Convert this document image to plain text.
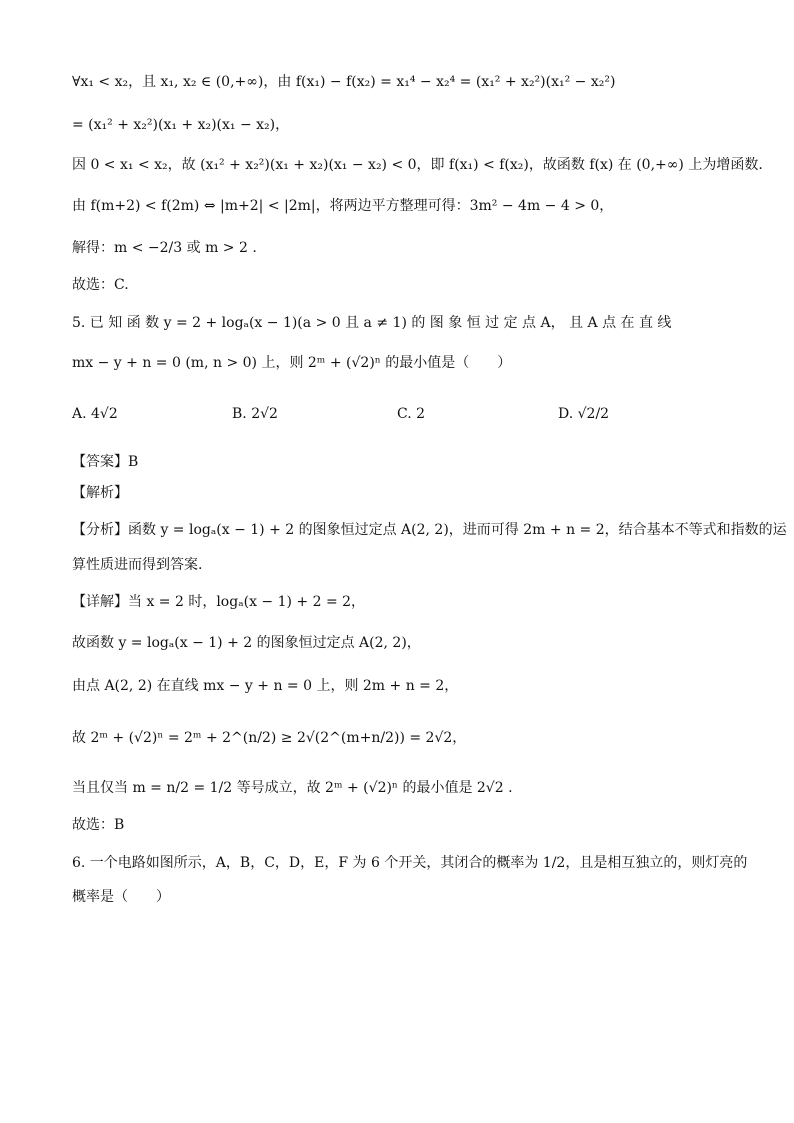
∀x₁ < x₂，且 x₁, x₂ ∈ (0,+∞)，由 f(x₁) − f(x₂) = x₁⁴ − x₂⁴ = (x₁² + x₂²)(x₁² − x₂²)
= (x₁² + x₂²)(x₁ + x₂)(x₁ − x₂)，
因 0 < x₁ < x₂，故 (x₁² + x₂²)(x₁ + x₂)(x₁ − x₂) < 0，即 f(x₁) < f(x₂)，故函数 f(x) 在 (0,+∞) 上为增函数.
由 f(m+2) < f(2m) ⇔ |m+2| < |2m|，将两边平方整理可得：3m² − 4m − 4 > 0，
解得：m < −2/3 或 m > 2 .
故选：C.
5. 已 知 函 数 y = 2 + logₐ(x − 1)(a > 0 且 a ≠ 1) 的 图 象 恒 过 定 点 A， 且 A 点 在 直 线
mx − y + n = 0 (m, n > 0) 上，则 2ᵐ + (√2)ⁿ 的最小值是（　　）
A. 4√2	B. 2√2	C. 2	D. √2/2
【答案】B
【解析】
【分析】函数 y = logₐ(x − 1) + 2 的图象恒过定点 A(2, 2)，进而可得 2m + n = 2，结合基本不等式和指数的运
算性质进而得到答案.
【详解】当 x = 2 时，logₐ(x − 1) + 2 = 2，
故函数 y = logₐ(x − 1) + 2 的图象恒过定点 A(2, 2)，
由点 A(2, 2) 在直线 mx − y + n = 0 上，则 2m + n = 2，
故 2ᵐ + (√2)ⁿ = 2ᵐ + 2^(n/2) ≥ 2√(2^(m+n/2)) = 2√2，
当且仅当 m = n/2 = 1/2 等号成立，故 2ᵐ + (√2)ⁿ 的最小值是 2√2 .
故选：B
6. 一个电路如图所示，A，B，C，D，E，F 为 6 个开关，其闭合的概率为 1/2，且是相互独立的，则灯亮的
概率是（　　）
